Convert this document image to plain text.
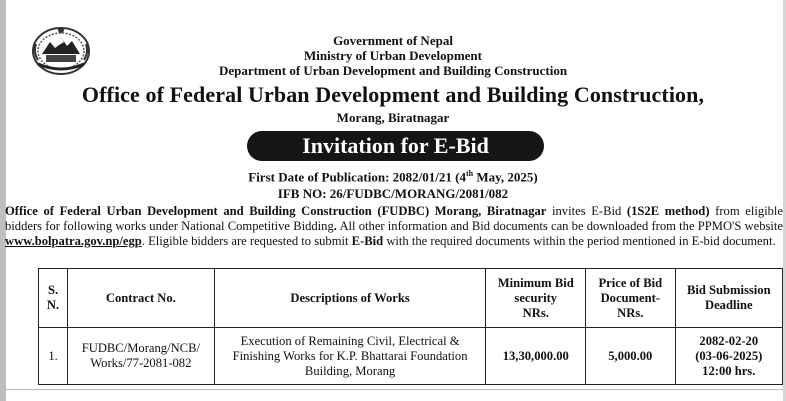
Government of Nepal
Ministry of Urban Development
Department of Urban Development and Building Construction
Office of Federal Urban Development and Building Construction,
Morang, Biratnagar
Invitation for E-Bid
First Date of Publication: 2082/01/21 (4th May, 2025)
IFB NO: 26/FUDBC/MORANG/2081/082

Office of Federal Urban Development and Building Construction (FUDBC) Morang, Biratnagar invites E-Bid (1S2E method) from eligible bidders for following works under National Competitive Bidding. All other information and Bid documents can be downloaded from the PPMO'S website www.bolpatra.gov.np/egp. Eligible bidders are requested to submit E-Bid with the required documents within the period mentioned in E-bid document.

S.
N.	Contract No.	Descriptions of Works	Minimum Bid
security
NRs.	Price of Bid
Document-
NRs.	Bid Submission
Deadline
1.	FUDBC/Morang/NCB/
Works/77-2081-082	Execution of Remaining Civil, Electrical &
Finishing Works for K.P. Bhattarai Foundation
Building, Morang	13,30,000.00	5,000.00	2082-02-20
(03-06-2025)
12:00 hrs.
